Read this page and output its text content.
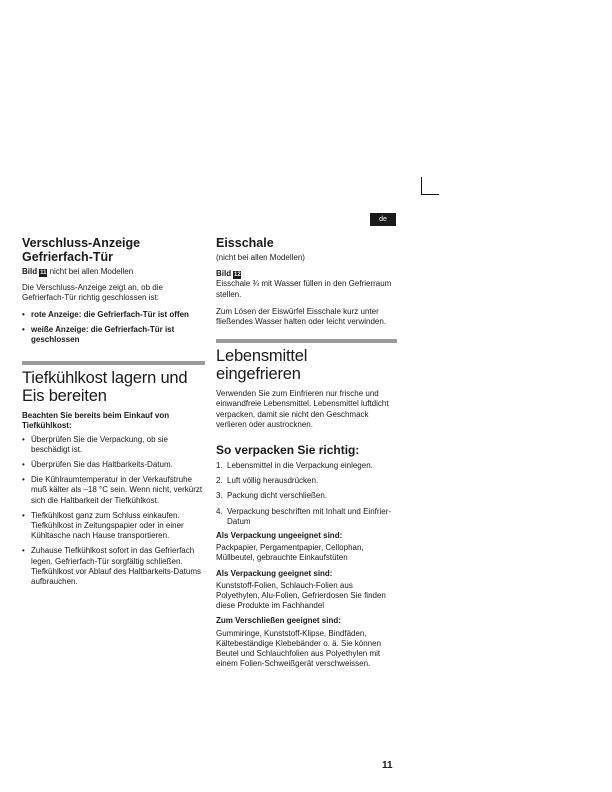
de
Verschluss-Anzeige Gefrierfach-Tür

Bild 11 nicht bei allen Modellen

Die Verschluss-Anzeige zeigt an, ob die Gefrierfach-Tür richtig geschlossen ist:

• rote Anzeige: die Gefrierfach-Tür ist offen
• weiße Anzeige: die Gefrierfach-Tür ist geschlossen
Tiefkühlkost lagern und Eis bereiten

Beachten Sie bereits beim Einkauf von Tiefkühlkost:

• Überprüfen Sie die Verpackung, ob sie beschädigt ist.
• Überprüfen Sie das Haltbarkeits-Datum.
• Die Kühlraumtemperatur in der Verkaufstruhe muß kälter als –18 °C sein. Wenn nicht, verkürzt sich die Haltbarkeit der Tiefkühlkost.
• Tiefkühlkost ganz zum Schluss einkaufen. Tiefkühlkost in Zeitungspapier oder in einer Kühltasche nach Hause transportieren.
• Zuhause Tiefkühlkost sofort in das Gefrierfach legen. Gefrierfach-Tür sorgfältig schließen. Tiefkühlkost vor Ablauf des Haltbarkeits-Datums aufbrauchen.
Eisschale

(nicht bei allen Modellen)

Bild 12

Eisschale ¾ mit Wasser füllen in den Gefrierraum stellen.

Zum Lösen der Eiswürfel Eisschale kurz unter fließendes Wasser halten oder leicht verwinden.

Lebensmittel eingefrieren

Verwenden Sie zum Einfrieren nur frische und einwandfreie Lebensmittel. Lebensmittel luftdicht verpacken, damit sie nicht den Geschmack verlieren oder austrocknen.

So verpacken Sie richtig:
1. Lebensmittel in die Verpackung einlegen.
2. Luft völlig herausdrücken.
3. Packung dicht verschließen.
4. Verpackung beschriften mit Inhalt und Einfrier-Datum

Als Verpackung ungeeignet sind:

Packpapier, Pergamentpapier, Cellophan, Müllbeutel, gebrauchte Einkaufstüten

Als Verpackung geeignet sind:

Kunststoff-Folien, Schlauch-Folien aus Polyethylen, Alu-Folien, Gefrierdosen Sie finden diese Produkte im Fachhandel

Zum Verschließen geeignet sind:

Gummiringe, Kunststoff-Klipse, Bindfäden, Kältebeständige Klebebänder o. ä. Sie können Beutel und Schlauchfolien aus Polyethylen mit einem Folien-Schweißgerät verschweissen.

11
